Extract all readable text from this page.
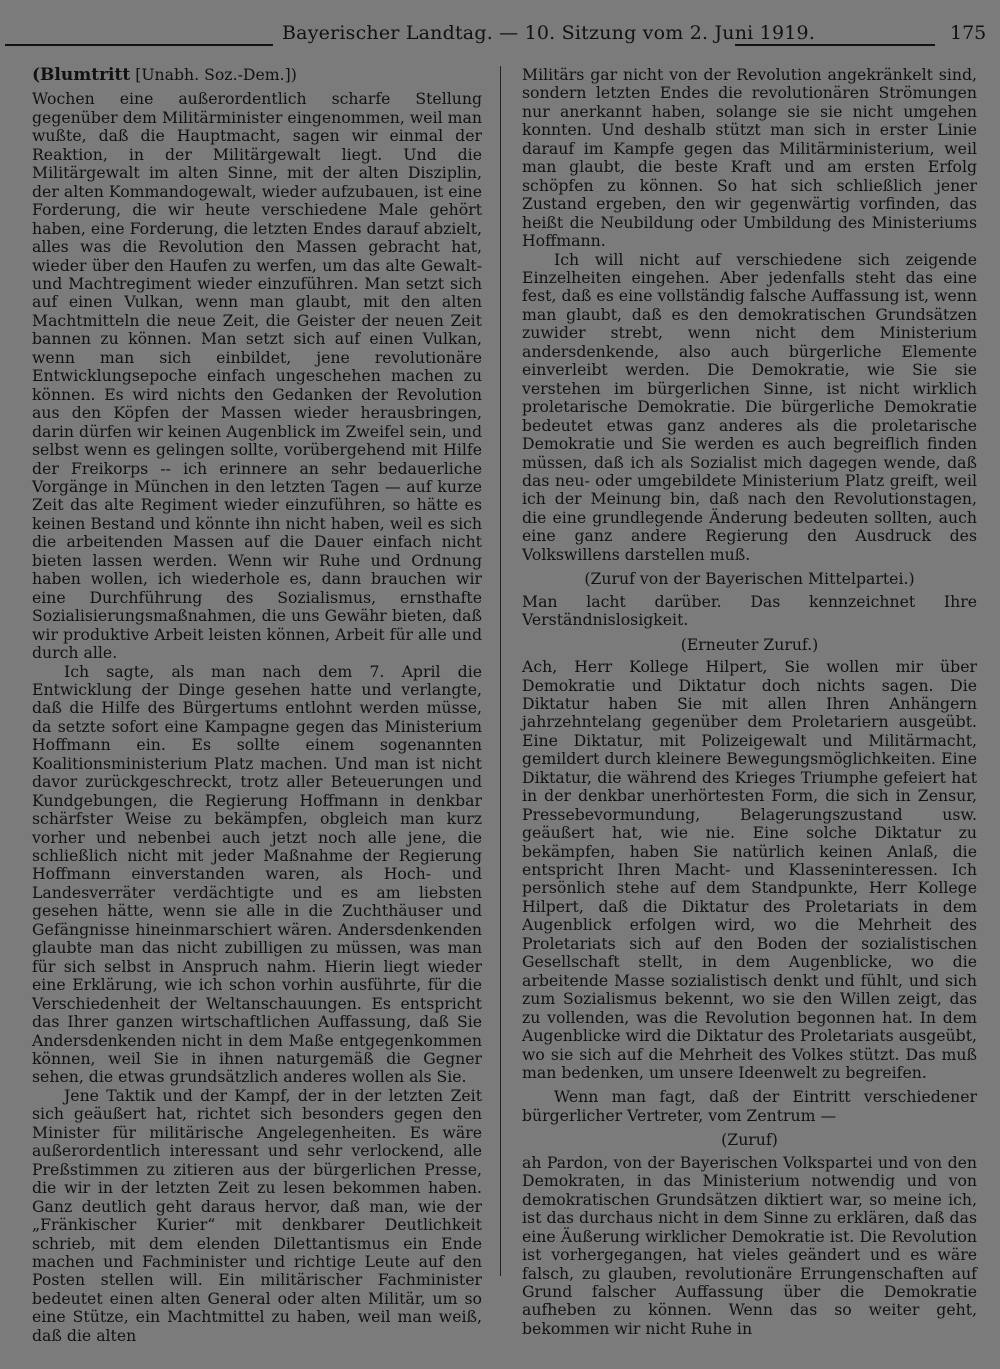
Bayerischer Landtag. — 10. Sitzung vom 2. Juni 1919.	175

(Blumtritt [Unabh. Soz.-Dem.])

Wochen eine außerordentlich scharfe Stellung gegenüber dem Militärminister eingenommen, weil man wußte, daß die Hauptmacht, sagen wir einmal der Reaktion, in der Militärgewalt liegt. Und die Militärgewalt im alten Sinne, mit der alten Disziplin, der alten Kommandogewalt, wieder aufzubauen, ist eine Forderung, die wir heute verschiedene Male gehört haben, eine Forderung, die letzten Endes darauf abzielt, alles was die Revolution den Massen gebracht hat, wieder über den Haufen zu werfen, um das alte Gewalt- und Machtregiment wieder einzuführen. Man setzt sich auf einen Vulkan, wenn man glaubt, mit den alten Machtmitteln die neue Zeit, die Geister der neuen Zeit bannen zu können. Man setzt sich auf einen Vulkan, wenn man sich einbildet, jene revolutionäre Entwicklungsepoche einfach ungeschehen machen zu können. Es wird nichts den Gedanken der Revolution aus den Köpfen der Massen wieder herausbringen, darin dürfen wir keinen Augenblick im Zweifel sein, und selbst wenn es gelingen sollte, vorübergehend mit Hilfe der Freikorps -- ich erinnere an sehr bedauerliche Vorgänge in München in den letzten Tagen — auf kurze Zeit das alte Regiment wieder einzuführen, so hätte es keinen Bestand und könnte ihn nicht haben, weil es sich die arbeitenden Massen auf die Dauer einfach nicht bieten lassen werden. Wenn wir Ruhe und Ordnung haben wollen, ich wiederhole es, dann brauchen wir eine Durchführung des Sozialismus, ernsthafte Sozialisierungsmaßnahmen, die uns Gewähr bieten, daß wir produktive Arbeit leisten können, Arbeit für alle und durch alle.

Ich sagte, als man nach dem 7. April die Entwicklung der Dinge gesehen hatte und verlangte, daß die Hilfe des Bürgertums entlohnt werden müsse, da setzte sofort eine Kampagne gegen das Ministerium Hoffmann ein. Es sollte einem sogenannten Koalitionsministerium Platz machen. Und man ist nicht davor zurückgeschreckt, trotz aller Beteuerungen und Kundgebungen, die Regierung Hoffmann in denkbar schärfster Weise zu bekämpfen, obgleich man kurz vorher und nebenbei auch jetzt noch alle jene, die schließlich nicht mit jeder Maßnahme der Regierung Hoffmann einverstanden waren, als Hoch- und Landesverräter verdächtigte und es am liebsten gesehen hätte, wenn sie alle in die Zuchthäuser und Gefängnisse hineinmarschiert wären. Andersdenkenden glaubte man das nicht zubilligen zu müssen, was man für sich selbst in Anspruch nahm. Hierin liegt wieder eine Erklärung, wie ich schon vorhin ausführte, für die Verschiedenheit der Weltanschauungen. Es entspricht das Ihrer ganzen wirtschaftlichen Auffassung, daß Sie Andersdenkenden nicht in dem Maße entgegenkommen können, weil Sie in ihnen naturgemäß die Gegner sehen, die etwas grundsätzlich anderes wollen als Sie.

Jene Taktik und der Kampf, der in der letzten Zeit sich geäußert hat, richtet sich besonders gegen den Minister für militärische Angelegenheiten. Es wäre außerordentlich interessant und sehr verlockend, alle Preßstimmen zu zitieren aus der bürgerlichen Presse, die wir in der letzten Zeit zu lesen bekommen haben. Ganz deutlich geht daraus hervor, daß man, wie der „Fränkischer Kurier“ mit denkbarer Deutlichkeit schrieb, mit dem elenden Dilettantismus ein Ende machen und Fachminister und richtige Leute auf den Posten stellen will. Ein militärischer Fachminister bedeutet einen alten General oder alten Militär, um so eine Stütze, ein Machtmittel zu haben, weil man weiß, daß die alten

Militärs gar nicht von der Revolution angekränkelt sind, sondern letzten Endes die revolutionären Strömungen nur anerkannt haben, solange sie sie nicht umgehen konnten. Und deshalb stützt man sich in erster Linie darauf im Kampfe gegen das Militärministerium, weil man glaubt, die beste Kraft und am ersten Erfolg schöpfen zu können. So hat sich schließlich jener Zustand ergeben, den wir gegenwärtig vorfinden, das heißt die Neubildung oder Umbildung des Ministeriums Hoffmann.

Ich will nicht auf verschiedene sich zeigende Einzelheiten eingehen. Aber jedenfalls steht das eine fest, daß es eine vollständig falsche Auffassung ist, wenn man glaubt, daß es den demokratischen Grundsätzen zuwider strebt, wenn nicht dem Ministerium andersdenkende, also auch bürgerliche Elemente einverleibt werden. Die Demokratie, wie Sie sie verstehen im bürgerlichen Sinne, ist nicht wirklich proletarische Demokratie. Die bürgerliche Demokratie bedeutet etwas ganz anderes als die proletarische Demokratie und Sie werden es auch begreiflich finden müssen, daß ich als Sozialist mich dagegen wende, daß das neu- oder umgebildete Ministerium Platz greift, weil ich der Meinung bin, daß nach den Revolutionstagen, die eine grundlegende Änderung bedeuten sollten, auch eine ganz andere Regierung den Ausdruck des Volkswillens darstellen muß.

(Zuruf von der Bayerischen Mittelpartei.)

Man lacht darüber. Das kennzeichnet Ihre Verständnislosigkeit.

(Erneuter Zuruf.)

Ach, Herr Kollege Hilpert, Sie wollen mir über Demokratie und Diktatur doch nichts sagen. Die Diktatur haben Sie mit allen Ihren Anhängern jahrzehntelang gegenüber dem Proletariern ausgeübt. Eine Diktatur, mit Polizeigewalt und Militärmacht, gemildert durch kleinere Bewegungsmöglichkeiten. Eine Diktatur, die während des Krieges Triumphe gefeiert hat in der denkbar unerhörtesten Form, die sich in Zensur, Pressebevormundung, Belagerungszustand usw. geäußert hat, wie nie. Eine solche Diktatur zu bekämpfen, haben Sie natürlich keinen Anlaß, die entspricht Ihren Macht- und Klasseninteressen. Ich persönlich stehe auf dem Standpunkte, Herr Kollege Hilpert, daß die Diktatur des Proletariats in dem Augenblick erfolgen wird, wo die Mehrheit des Proletariats sich auf den Boden der sozialistischen Gesellschaft stellt, in dem Augenblicke, wo die arbeitende Masse sozialistisch denkt und fühlt, und sich zum Sozialismus bekennt, wo sie den Willen zeigt, das zu vollenden, was die Revolution begonnen hat. In dem Augenblicke wird die Diktatur des Proletariats ausgeübt, wo sie sich auf die Mehrheit des Volkes stützt. Das muß man bedenken, um unsere Ideenwelt zu begreifen.

Wenn man fagt, daß der Eintritt verschiedener bürgerlicher Vertreter, vom Zentrum —

(Zuruf)

ah Pardon, von der Bayerischen Volkspartei und von den Demokraten, in das Ministerium notwendig und von demokratischen Grundsätzen diktiert war, so meine ich, ist das durchaus nicht in dem Sinne zu erklären, daß das eine Äußerung wirklicher Demokratie ist. Die Revolution ist vorhergegangen, hat vieles geändert und es wäre falsch, zu glauben, revolutionäre Errungenschaften auf Grund falscher Auffassung über die Demokratie aufheben zu können. Wenn das so weiter geht, bekommen wir nicht Ruhe in
